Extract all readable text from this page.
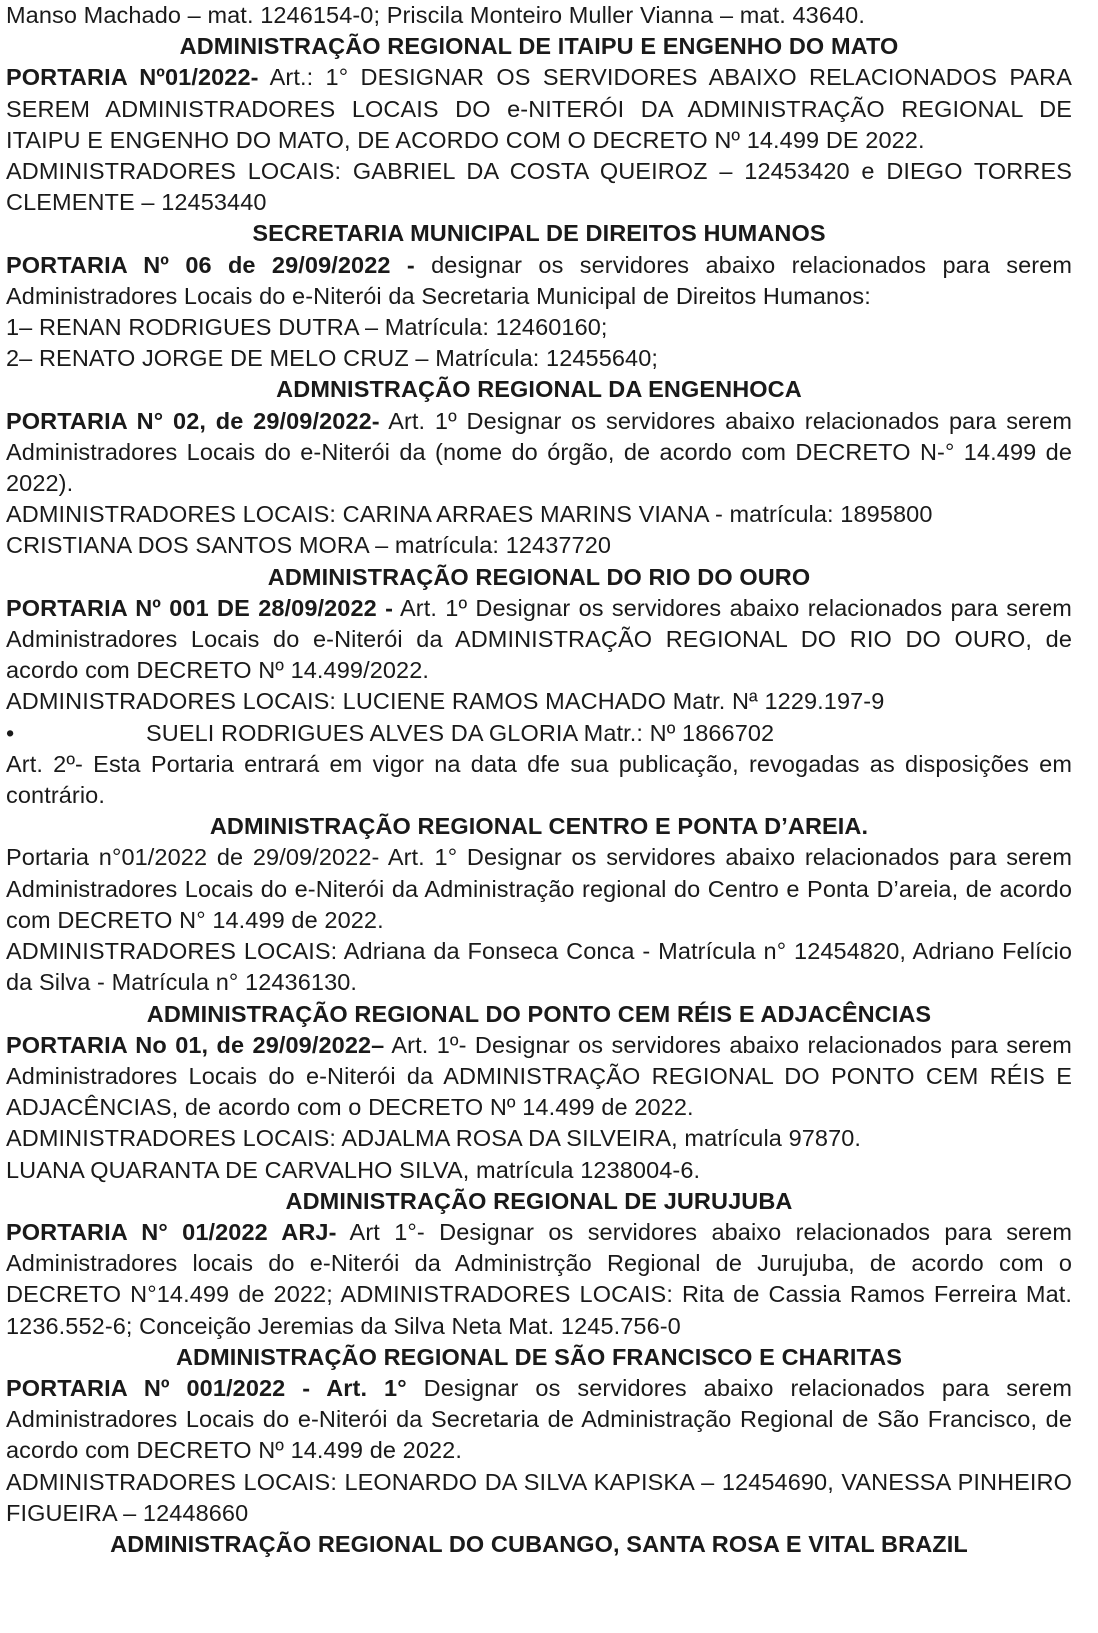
Manso Machado – mat. 1246154-0; Priscila Monteiro Muller Vianna – mat. 43640.

ADMINISTRAÇÃO REGIONAL DE ITAIPU E ENGENHO DO MATO

PORTARIA Nº01/2022- Art.: 1° DESIGNAR OS SERVIDORES ABAIXO RELACIONADOS PARA SEREM ADMINISTRADORES LOCAIS DO e-NITERÓI DA ADMINISTRAÇÃO REGIONAL DE ITAIPU E ENGENHO DO MATO, DE ACORDO COM O DECRETO Nº 14.499 DE 2022.

ADMINISTRADORES LOCAIS: GABRIEL DA COSTA QUEIROZ – 12453420 e DIEGO TORRES CLEMENTE – 12453440

SECRETARIA MUNICIPAL DE DIREITOS HUMANOS

PORTARIA Nº 06 de 29/09/2022 - designar os servidores abaixo relacionados para serem Administradores Locais do e-Niterói da Secretaria Municipal de Direitos Humanos:

1– RENAN RODRIGUES DUTRA – Matrícula: 12460160;

2– RENATO JORGE DE MELO CRUZ – Matrícula: 12455640;

ADMNISTRAÇÃO REGIONAL DA ENGENHOCA

PORTARIA N° 02, de 29/09/2022- Art. 1º Designar os servidores abaixo relacionados para serem Administradores Locais do e-Niterói da (nome do órgão, de acordo com DECRETO N-° 14.499 de 2022).

ADMINISTRADORES LOCAIS: CARINA ARRAES MARINS VIANA - matrícula: 1895800

CRISTIANA DOS SANTOS MORA – matrícula: 12437720

ADMINISTRAÇÃO REGIONAL DO RIO DO OURO

PORTARIA Nº 001 DE 28/09/2022 - Art. 1º Designar os servidores abaixo relacionados para serem Administradores Locais do e-Niterói da ADMINISTRAÇÃO REGIONAL DO RIO DO OURO, de acordo com DECRETO Nº 14.499/2022.

ADMINISTRADORES LOCAIS: LUCIENE RAMOS MACHADO Matr. Nª 1229.197-9

•	SUELI RODRIGUES ALVES DA GLORIA Matr.: Nº 1866702

Art. 2º- Esta Portaria entrará em vigor na data dfe sua publicação, revogadas as disposições em contrário.

ADMINISTRAÇÃO REGIONAL CENTRO E PONTA D’AREIA.

Portaria n°01/2022 de 29/09/2022- Art. 1° Designar os servidores abaixo relacionados para serem Administradores Locais do e-Niterói da Administração regional do Centro e Ponta D’areia, de acordo com DECRETO N° 14.499 de 2022.

ADMINISTRADORES LOCAIS: Adriana da Fonseca Conca - Matrícula n° 12454820, Adriano Felício da Silva - Matrícula n° 12436130.

ADMINISTRAÇÃO REGIONAL DO PONTO CEM RÉIS E ADJACÊNCIAS

PORTARIA No 01, de 29/09/2022– Art. 1º- Designar os servidores abaixo relacionados para serem Administradores Locais do e-Niterói da ADMINISTRAÇÃO REGIONAL DO PONTO CEM RÉIS E ADJACÊNCIAS, de acordo com o DECRETO Nº 14.499 de 2022.

ADMINISTRADORES LOCAIS: ADJALMA ROSA DA SILVEIRA, matrícula 97870.

LUANA QUARANTA DE CARVALHO SILVA, matrícula 1238004-6.

ADMINISTRAÇÃO REGIONAL DE JURUJUBA

PORTARIA N° 01/2022 ARJ- Art 1°- Designar os servidores abaixo relacionados para serem Administradores locais do e-Niterói da Administrção Regional de Jurujuba, de acordo com o DECRETO N°14.499 de 2022; ADMINISTRADORES LOCAIS: Rita de Cassia Ramos Ferreira Mat. 1236.552-6; Conceição Jeremias da Silva Neta Mat. 1245.756-0

ADMINISTRAÇÃO REGIONAL DE SÃO FRANCISCO E CHARITAS

PORTARIA Nº 001/2022 - Art. 1° Designar os servidores abaixo relacionados para serem Administradores Locais do e-Niterói da Secretaria de Administração Regional de São Francisco, de acordo com DECRETO Nº 14.499 de 2022.

ADMINISTRADORES LOCAIS: LEONARDO DA SILVA KAPISKA – 12454690, VANESSA PINHEIRO FIGUEIRA – 12448660

ADMINISTRAÇÃO REGIONAL DO CUBANGO, SANTA ROSA E VITAL BRAZIL
